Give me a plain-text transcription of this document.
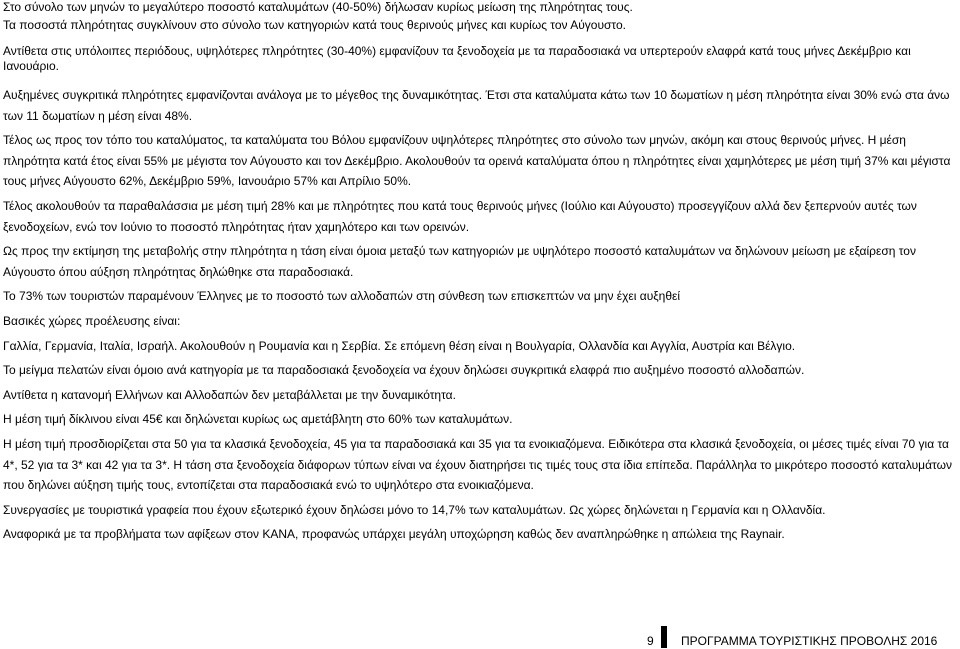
Στο σύνολο των μηνών το μεγαλύτερο ποσοστό καταλυμάτων (40-50%) δήλωσαν κυρίως μείωση της πληρότητας τους.

Τα ποσοστά πληρότητας συγκλίνουν στο σύνολο των κατηγοριών κατά τους θερινούς μήνες και κυρίως τον Αύγουστο.

Αντίθετα στις υπόλοιπες περιόδους, υψηλότερες πληρότητες (30-40%) εμφανίζουν τα ξενοδοχεία με τα παραδοσιακά να υπερτερούν ελαφρά κατά τους μήνες Δεκέμβριο και Ιανουάριο.

Αυξημένες συγκριτικά πληρότητες εμφανίζονται ανάλογα με το μέγεθος της δυναμικότητας. Έτσι στα καταλύματα κάτω των 10 δωματίων η μέση πληρότητα είναι 30% ενώ στα άνω των 11 δωματίων η μέση είναι 48%.

Τέλος ως προς τον τόπο του καταλύματος, τα καταλύματα του Βόλου εμφανίζουν υψηλότερες πληρότητες στο σύνολο των μηνών, ακόμη και στους θερινούς μήνες. Η μέση πληρότητα κατά έτος είναι 55% με μέγιστα τον Αύγουστο και τον Δεκέμβριο. Ακολουθούν τα ορεινά καταλύματα όπου η πληρότητες είναι χαμηλότερες με μέση τιμή 37% και μέγιστα τους μήνες Αύγουστο 62%, Δεκέμβριο 59%, Ιανουάριο 57% και Απρίλιο 50%.

Τέλος ακολουθούν τα παραθαλάσσια με μέση τιμή 28% και με πληρότητες που κατά τους θερινούς μήνες (Ιούλιο και Αύγουστο) προσεγγίζουν αλλά δεν ξεπερνούν αυτές των ξενοδοχείων, ενώ τον Ιούνιο το ποσοστό πληρότητας ήταν χαμηλότερο και των ορεινών.

Ως προς την εκτίμηση της μεταβολής στην πληρότητα η τάση είναι όμοια μεταξύ των κατηγοριών με υψηλότερο ποσοστό καταλυμάτων να δηλώνουν μείωση με εξαίρεση τον Αύγουστο όπου αύξηση πληρότητας δηλώθηκε στα παραδοσιακά.

Το 73% των τουριστών παραμένουν Έλληνες με το ποσοστό των αλλοδαπών στη σύνθεση των επισκεπτών να μην έχει αυξηθεί

Βασικές χώρες προέλευσης είναι:

Γαλλία, Γερμανία, Ιταλία, Ισραήλ. Ακολουθούν η Ρουμανία και η Σερβία. Σε επόμενη θέση είναι η Βουλγαρία, Ολλανδία και Αγγλία, Αυστρία και Βέλγιο.

Το μείγμα πελατών είναι όμοιο ανά κατηγορία με τα παραδοσιακά ξενοδοχεία να έχουν δηλώσει συγκριτικά ελαφρά πιο αυξημένο ποσοστό αλλοδαπών.

Αντίθετα η κατανομή Ελλήνων και Αλλοδαπών δεν μεταβάλλεται με την δυναμικότητα.

Η μέση τιμή δίκλινου είναι 45€ και δηλώνεται κυρίως ως αμετάβλητη στο 60% των καταλυμάτων.

Η μέση τιμή προσδιορίζεται στα 50 για τα κλασικά ξενοδοχεία, 45 για τα παραδοσιακά και 35 για τα ενοικιαζόμενα. Ειδικότερα στα κλασικά ξενοδοχεία, οι μέσες τιμές είναι 70 για τα 4*, 52 για τα 3* και 42 για τα 3*. Η τάση στα ξενοδοχεία διάφορων τύπων είναι να έχουν διατηρήσει τις τιμές τους στα ίδια επίπεδα. Παράλληλα το μικρότερο ποσοστό καταλυμάτων που δηλώνει αύξηση τιμής τους, εντοπίζεται στα παραδοσιακά ενώ το υψηλότερο στα ενοικιαζόμενα.

Συνεργασίες με τουριστικά γραφεία που έχουν εξωτερικό έχουν δηλώσει μόνο το 14,7% των καταλυμάτων. Ως χώρες δηλώνεται η Γερμανία και η Ολλανδία.

Αναφορικά με τα προβλήματα των αφίξεων στον ΚΑΝΑ, προφανώς υπάρχει μεγάλη υποχώρηση καθώς δεν αναπληρώθηκε η απώλεια της Raynair.

9 ΠΡΟΓΡΑΜΜΑ ΤΟΥΡΙΣΤΙΚΗΣ ΠΡΟΒΟΛΗΣ 2016
